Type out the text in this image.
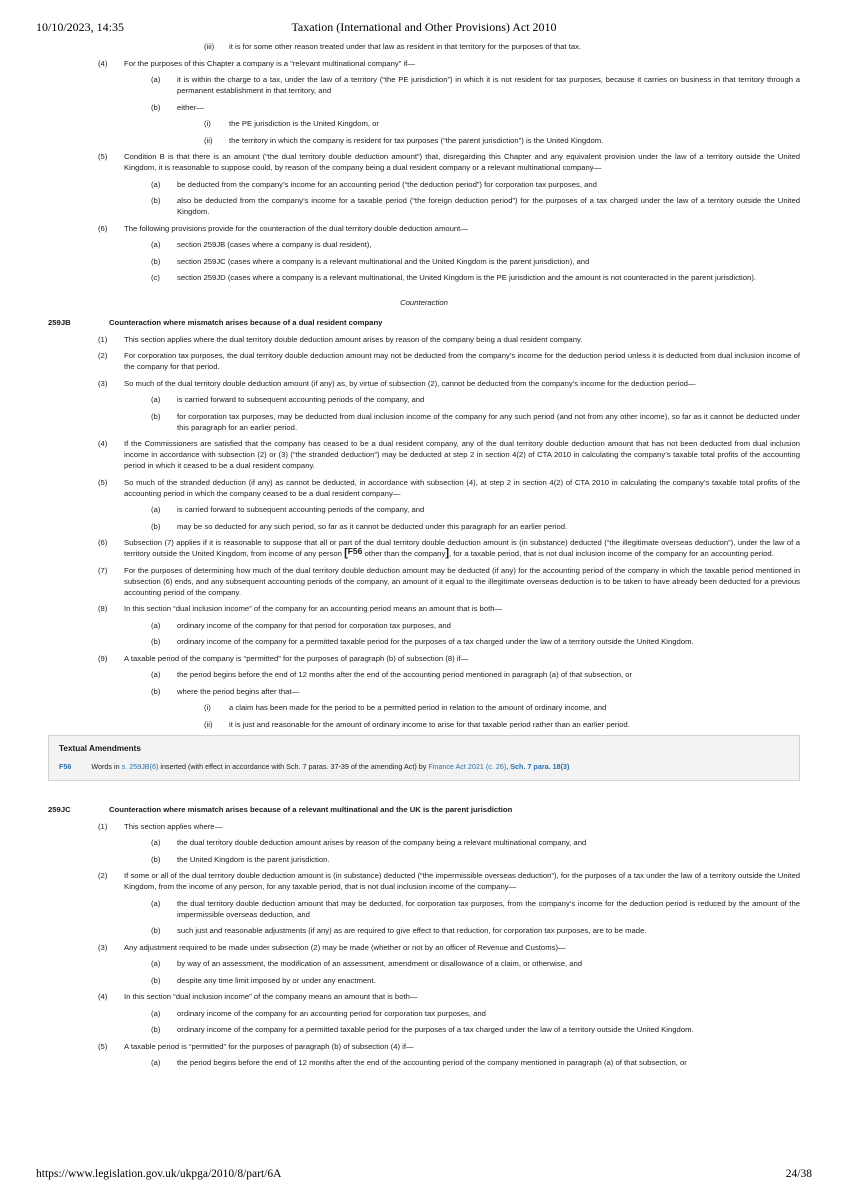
10/10/2023, 14:35	Taxation (International and Other Provisions) Act 2010
(iii) it is for some other reason treated under that law as resident in that territory for the purposes of that tax.
(4) For the purposes of this Chapter a company is a “relevant multinational company” if—
(a) it is within the charge to a tax, under the law of a territory (“the PE jurisdiction”) in which it is not resident for tax purposes, because it carries on business in that territory through a permanent establishment in that territory, and
(b) either—
(i) the PE jurisdiction is the United Kingdom, or
(ii) the territory in which the company is resident for tax purposes (“the parent jurisdiction”) is the United Kingdom.
(5) Condition B is that there is an amount (“the dual territory double deduction amount”) that, disregarding this Chapter and any equivalent provision under the law of a territory outside the United Kingdom, it is reasonable to suppose could, by reason of the company being a dual resident company or a relevant multinational company—
(a) be deducted from the company’s income for an accounting period (“the deduction period”) for corporation tax purposes, and
(b) also be deducted from the company’s income for a taxable period (“the foreign deduction period”) for the purposes of a tax charged under the law of a territory outside the United Kingdom.
(6) The following provisions provide for the counteraction of the dual territory double deduction amount—
(a) section 259JB (cases where a company is dual resident),
(b) section 259JC (cases where a company is a relevant multinational and the United Kingdom is the parent jurisdiction), and
(c) section 259JD (cases where a company is a relevant multinational, the United Kingdom is the PE jurisdiction and the amount is not counteracted in the parent jurisdiction).
Counteraction
259JB	Counteraction where mismatch arises because of a dual resident company
(1) This section applies where the dual territory double deduction amount arises by reason of the company being a dual resident company.
(2) For corporation tax purposes, the dual territory double deduction amount may not be deducted from the company’s income for the deduction period unless it is deducted from dual inclusion income of the company for that period.
(3) So much of the dual territory double deduction amount (if any) as, by virtue of subsection (2), cannot be deducted from the company’s income for the deduction period—
(a) is carried forward to subsequent accounting periods of the company, and
(b) for corporation tax purposes, may be deducted from dual inclusion income of the company for any such period (and not from any other income), so far as it cannot be deducted under this paragraph for an earlier period.
(4) If the Commissioners are satisfied that the company has ceased to be a dual resident company, any of the dual territory double deduction amount that has not been deducted from dual inclusion income in accordance with subsection (2) or (3) (“the stranded deduction”) may be deducted at step 2 in section 4(2) of CTA 2010 in calculating the company’s taxable total profits of the accounting period in which it ceased to be a dual resident company.
(5) So much of the stranded deduction (if any) as cannot be deducted, in accordance with subsection (4), at step 2 in section 4(2) of CTA 2010 in calculating the company’s taxable total profits of the accounting period in which the company ceased to be a dual resident company—
(a) is carried forward to subsequent accounting periods of the company, and
(b) may be so deducted for any such period, so far as it cannot be deducted under this paragraph for an earlier period.
(6) Subsection (7) applies if it is reasonable to suppose that all or part of the dual territory double deduction amount is (in substance) deducted (“the illegitimate overseas deduction”), under the law of a territory outside the United Kingdom, from income of any person [F56 other than the company], for a taxable period, that is not dual inclusion income of the company for an accounting period.
(7) For the purposes of determining how much of the dual territory double deduction amount may be deducted (if any) for the accounting period of the company in which the taxable period mentioned in subsection (6) ends, and any subsequent accounting periods of the company, an amount of it equal to the illegitimate overseas deduction is to be taken to have already been deducted for a previous accounting period of the company.
(8) In this section “dual inclusion income” of the company for an accounting period means an amount that is both—
(a) ordinary income of the company for that period for corporation tax purposes, and
(b) ordinary income of the company for a permitted taxable period for the purposes of a tax charged under the law of a territory outside the United Kingdom.
(9) A taxable period of the company is “permitted” for the purposes of paragraph (b) of subsection (8) if—
(a) the period begins before the end of 12 months after the end of the accounting period mentioned in paragraph (a) of that subsection, or
(b) where the period begins after that—
(i) a claim has been made for the period to be a permitted period in relation to the amount of ordinary income, and
(ii) it is just and reasonable for the amount of ordinary income to arise for that taxable period rather than an earlier period.
Textual Amendments
F56	Words in s. 259JB(6) inserted (with effect in accordance with Sch. 7 paras. 37-39 of the amending Act) by Finance Act 2021 (c. 26), Sch. 7 para. 18(3)
259JC	Counteraction where mismatch arises because of a relevant multinational and the UK is the parent jurisdiction
(1) This section applies where—
(a) the dual territory double deduction amount arises by reason of the company being a relevant multinational company, and
(b) the United Kingdom is the parent jurisdiction.
(2) If some or all of the dual territory double deduction amount is (in substance) deducted (“the impermissible overseas deduction”), for the purposes of a tax under the law of a territory outside the United Kingdom, from the income of any person, for any taxable period, that is not dual inclusion income of the company—
(a) the dual territory double deduction amount that may be deducted, for corporation tax purposes, from the company’s income for the deduction period is reduced by the amount of the impermissible overseas deduction, and
(b) such just and reasonable adjustments (if any) as are required to give effect to that reduction, for corporation tax purposes, are to be made.
(3) Any adjustment required to be made under subsection (2) may be made (whether or not by an officer of Revenue and Customs)—
(a) by way of an assessment, the modification of an assessment, amendment or disallowance of a claim, or otherwise, and
(b) despite any time limit imposed by or under any enactment.
(4) In this section “dual inclusion income” of the company means an amount that is both—
(a) ordinary income of the company for an accounting period for corporation tax purposes, and
(b) ordinary income of the company for a permitted taxable period for the purposes of a tax charged under the law of a territory outside the United Kingdom.
(5) A taxable period is “permitted” for the purposes of paragraph (b) of subsection (4) if—
(a) the period begins before the end of 12 months after the end of the accounting period of the company mentioned in paragraph (a) of that subsection, or
https://www.legislation.gov.uk/ukpga/2010/8/part/6A	24/38
